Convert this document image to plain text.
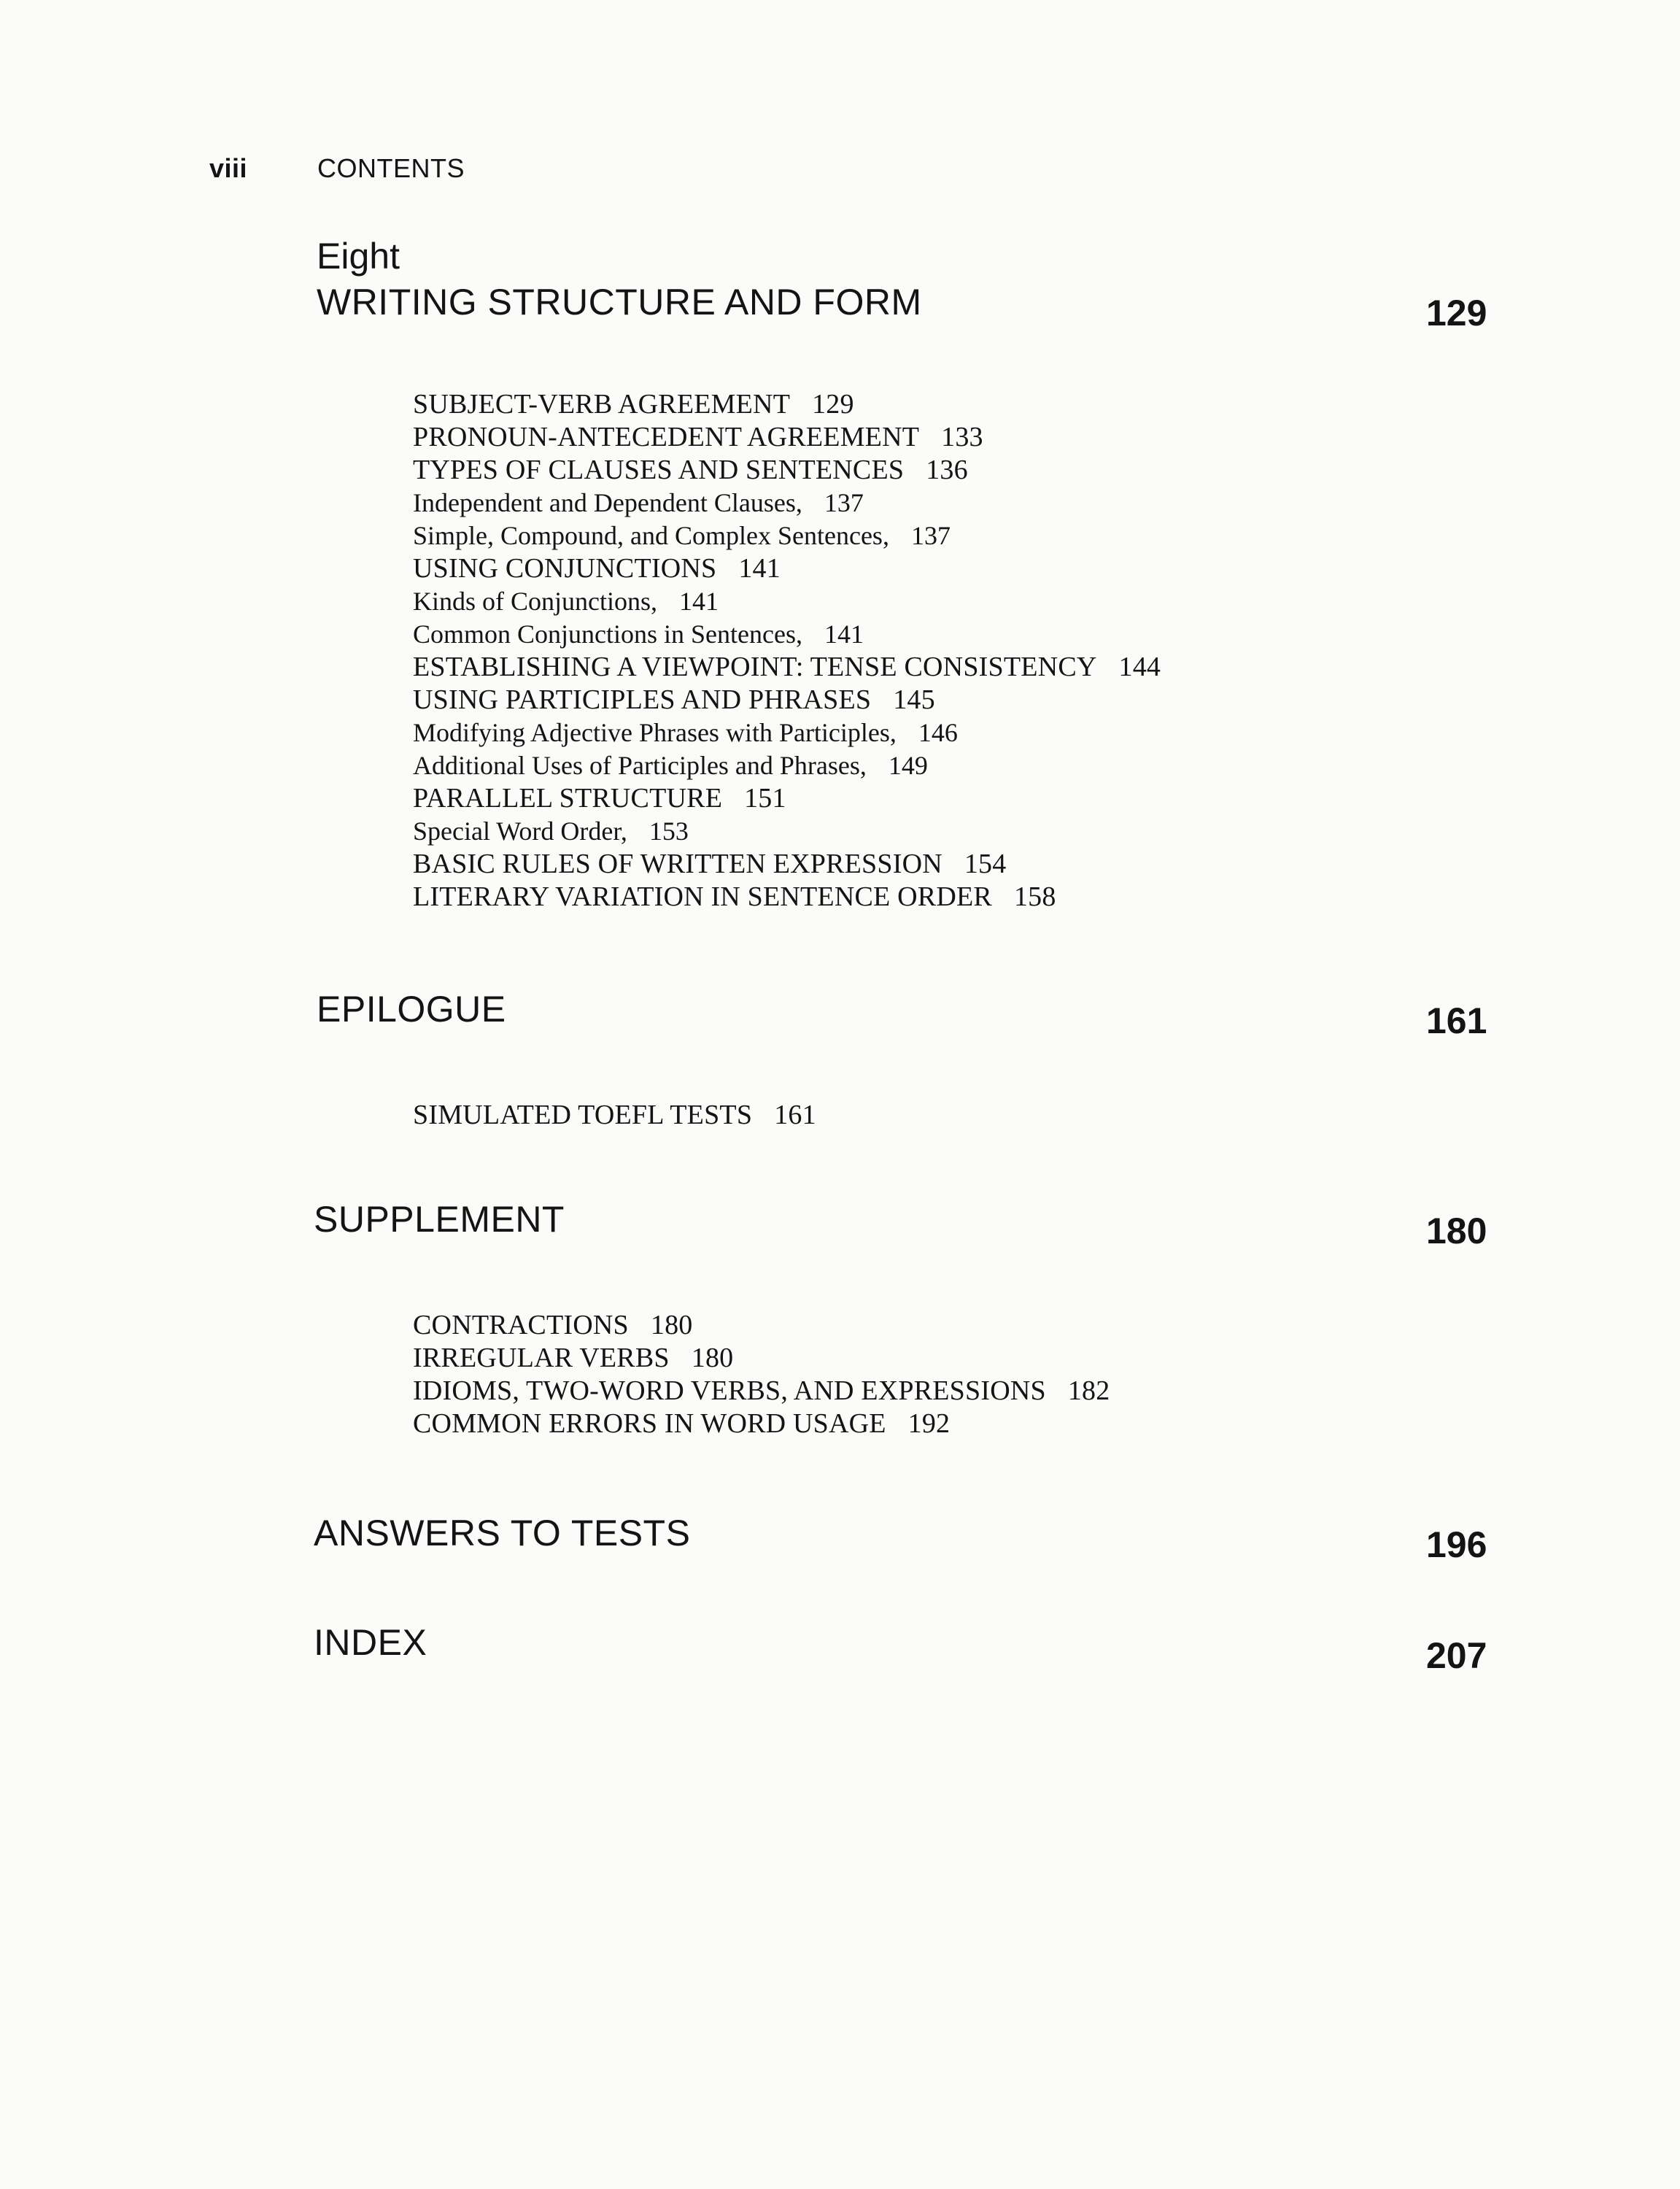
viii	CONTENTS
Eight
WRITING STRUCTURE AND FORM	129
SUBJECT-VERB AGREEMENT 129
PRONOUN-ANTECEDENT AGREEMENT 133
TYPES OF CLAUSES AND SENTENCES 136
Independent and Dependent Clauses, 137
Simple, Compound, and Complex Sentences, 137
USING CONJUNCTIONS 141
Kinds of Conjunctions, 141
Common Conjunctions in Sentences, 141
ESTABLISHING A VIEWPOINT: TENSE CONSISTENCY 144
USING PARTICIPLES AND PHRASES 145
Modifying Adjective Phrases with Participles, 146
Additional Uses of Participles and Phrases, 149
PARALLEL STRUCTURE 151
Special Word Order, 153
BASIC RULES OF WRITTEN EXPRESSION 154
LITERARY VARIATION IN SENTENCE ORDER 158
EPILOGUE	161
SIMULATED TOEFL TESTS 161
SUPPLEMENT	180
CONTRACTIONS 180
IRREGULAR VERBS 180
IDIOMS, TWO-WORD VERBS, AND EXPRESSIONS 182
COMMON ERRORS IN WORD USAGE 192
ANSWERS TO TESTS	196
INDEX	207
